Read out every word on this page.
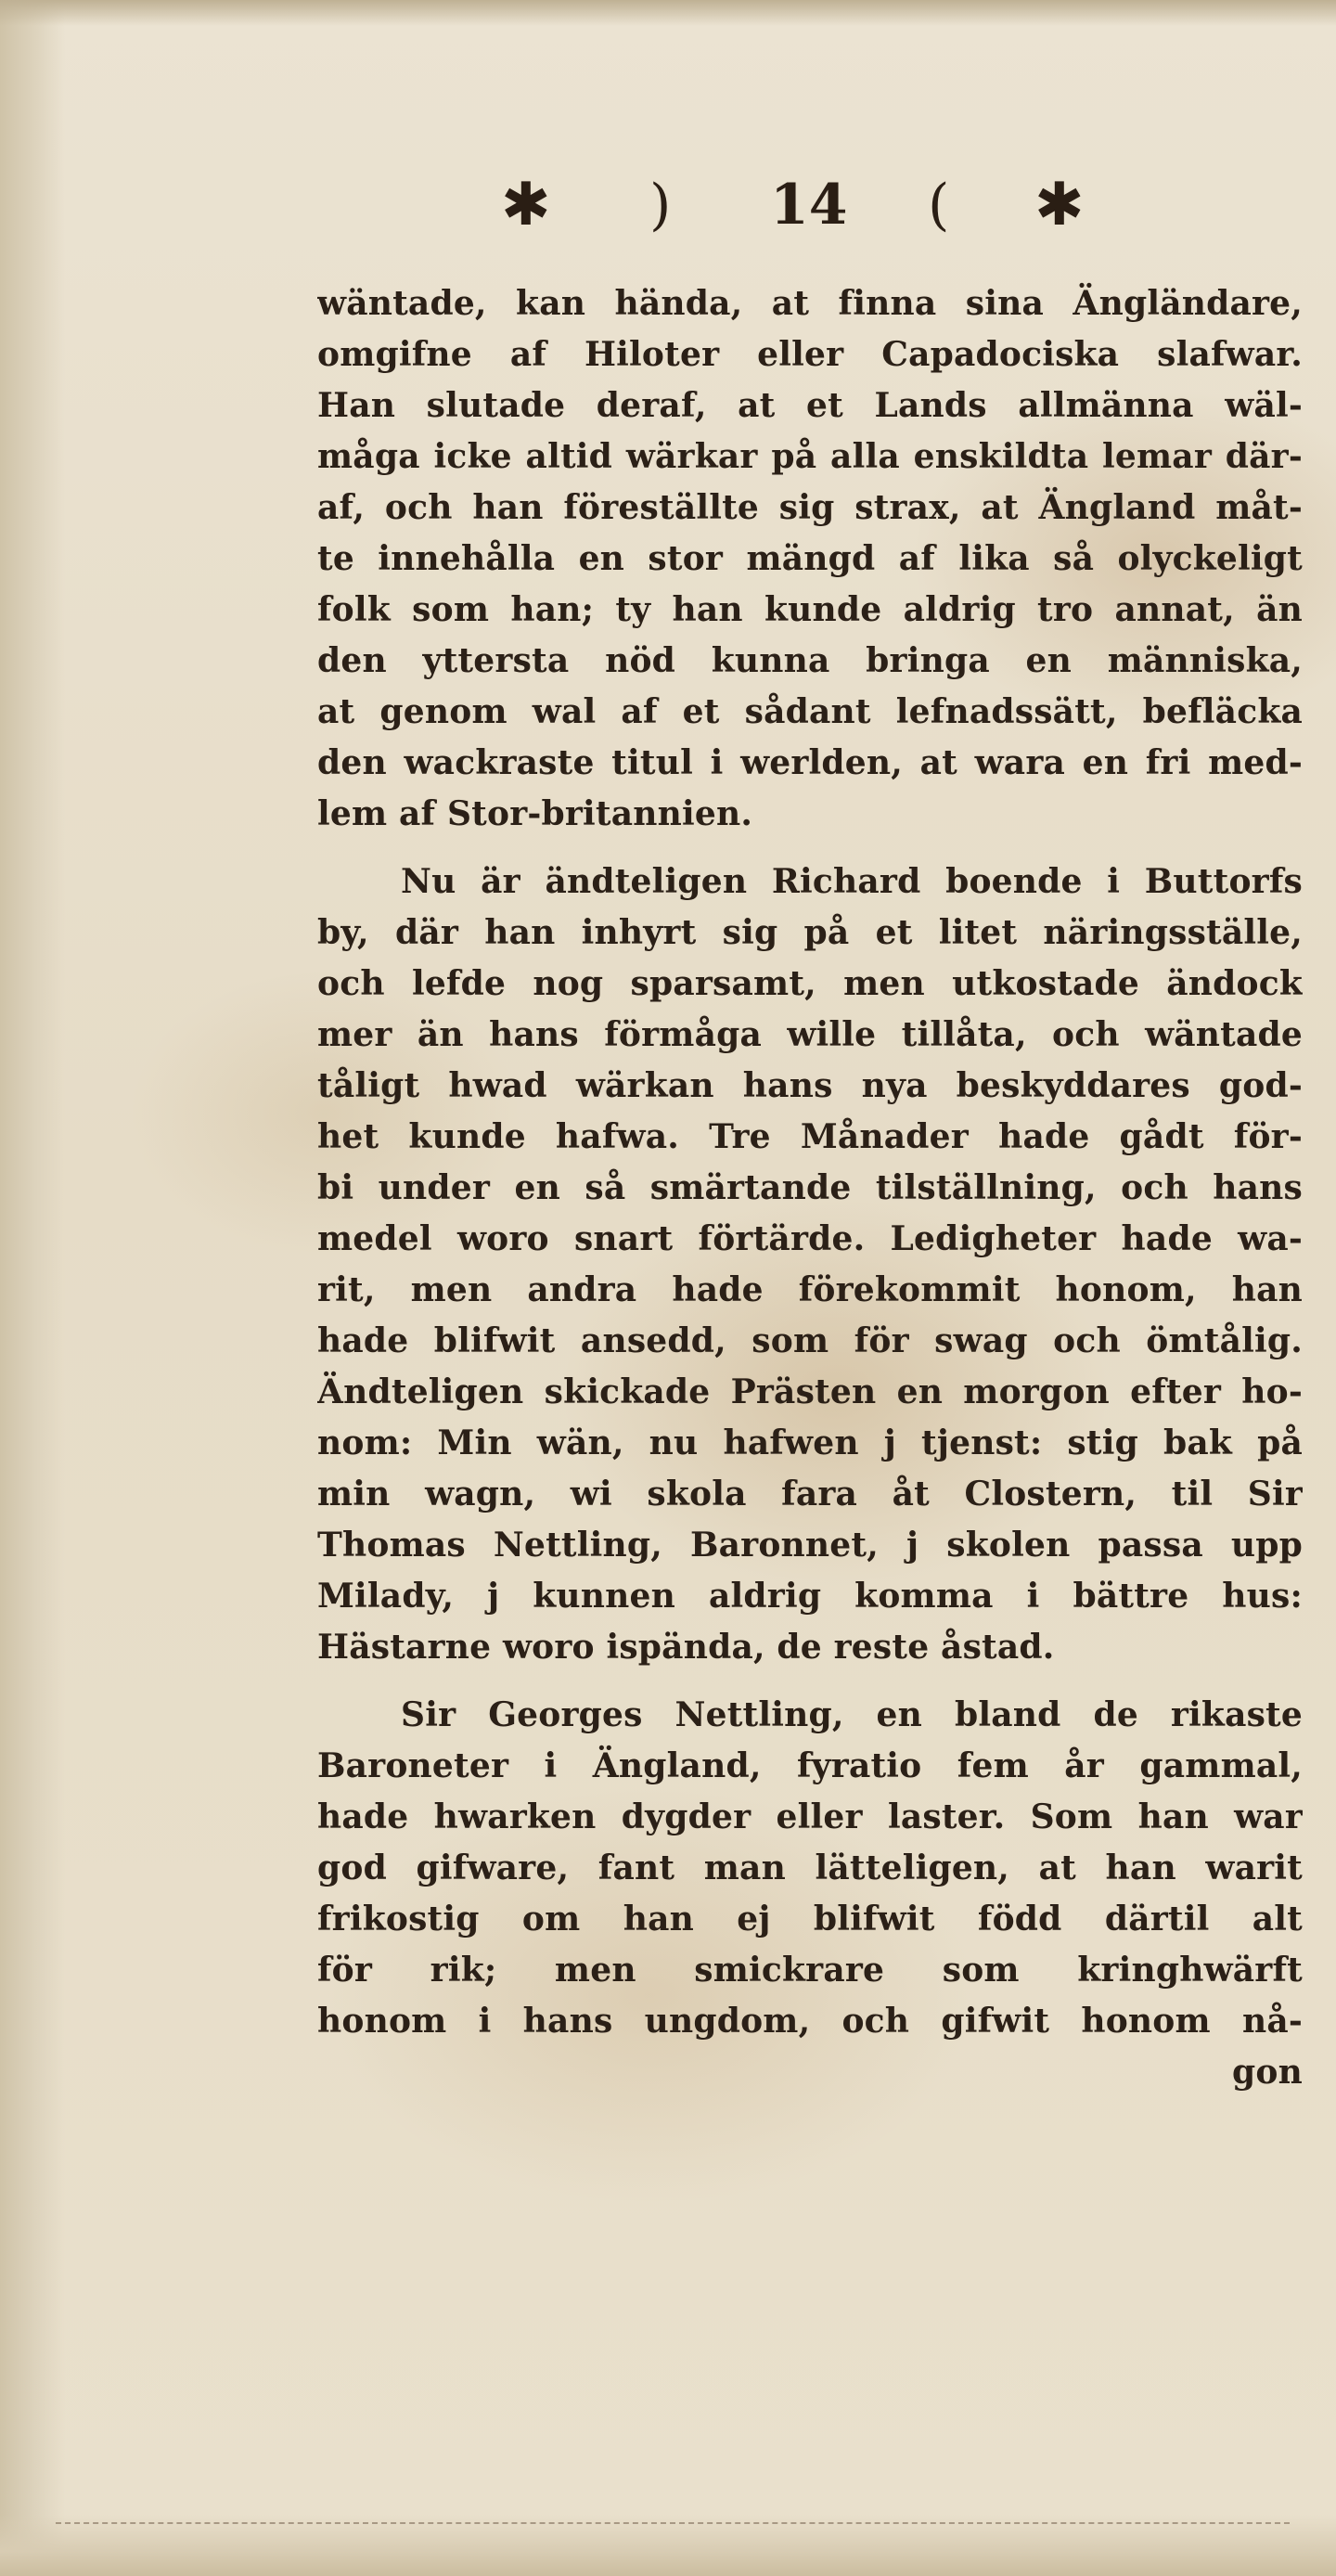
✱ ) 14 ( ✱
wäntade, kan hända, at finna sina Ängländare,
omgifne af Hiloter eller Capadociska slafwar.
Han slutade deraf, at et Lands allmänna wäl-
måga icke altid wärkar på alla enskildta lemar där-
af, och han föreställte sig strax, at Ängland måt-
te innehålla en stor mängd af lika så olyckeligt
folk som han; ty han kunde aldrig tro annat, än
den yttersta nöd kunna bringa en människa,
at genom wal af et sådant lefnadssätt, befläcka
den wackraste titul i werlden, at wara en fri med-
lem af Stor-britannien.
Nu är ändteligen Richard boende i Buttorfs
by, där han inhyrt sig på et litet näringsställe,
och lefde nog sparsamt, men utkostade ändock
mer än hans förmåga wille tillåta, och wäntade
tåligt hwad wärkan hans nya beskyddares god-
het kunde hafwa. Tre Månader hade gådt för-
bi under en så smärtande tilställning, och hans
medel woro snart förtärde. Ledigheter hade wa-
rit, men andra hade förekommit honom, han
hade blifwit ansedd, som för swag och ömtålig.
Ändteligen skickade Prästen en morgon efter ho-
nom: Min wän, nu hafwen j tjenst: stig bak på
min wagn, wi skola fara åt Clostern, til Sir
Thomas Nettling, Baronnet, j skolen passa upp
Milady, j kunnen aldrig komma i bättre hus:
Hästarne woro ispända, de reste åstad.
Sir Georges Nettling, en bland de rikaste
Baroneter i Ängland, fyratio fem år gammal,
hade hwarken dygder eller laster. Som han war
god gifware, fant man lätteligen, at han warit
frikostig om han ej blifwit född därtil alt
för rik; men smickrare som kringhwärft
honom i hans ungdom, och gifwit honom nå-
gon
